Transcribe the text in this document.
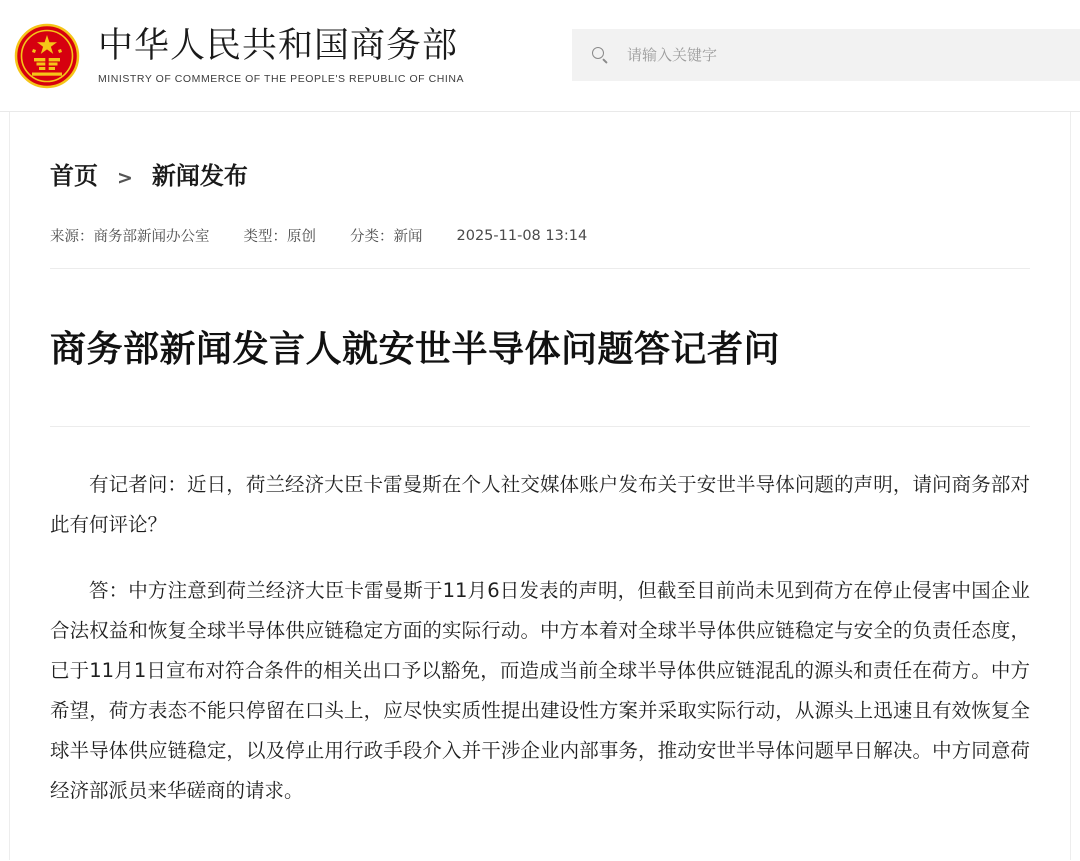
中华人民共和国商务部
MINISTRY OF COMMERCE OF THE PEOPLE'S REPUBLIC OF CHINA
请输入关键字
首页 > 新闻发布
来源：商务部新闻办公室 类型：原创 分类：新闻 2025-11-08 13:14
商务部新闻发言人就安世半导体问题答记者问

有记者问：近日，荷兰经济大臣卡雷曼斯在个人社交媒体账户发布关于安世半导体问题的声明，请问商务部对此有何评论？

答：中方注意到荷兰经济大臣卡雷曼斯于11月6日发表的声明，但截至目前尚未见到荷方在停止侵害中国企业合法权益和恢复全球半导体供应链稳定方面的实际行动。中方本着对全球半导体供应链稳定与安全的负责任态度，已于11月1日宣布对符合条件的相关出口予以豁免，而造成当前全球半导体供应链混乱的源头和责任在荷方。中方希望，荷方表态不能只停留在口头上，应尽快实质性提出建设性方案并采取实际行动，从源头上迅速且有效恢复全球半导体供应链稳定，以及停止用行政手段介入并干涉企业内部事务，推动安世半导体问题早日解决。中方同意荷经济部派员来华磋商的请求。
